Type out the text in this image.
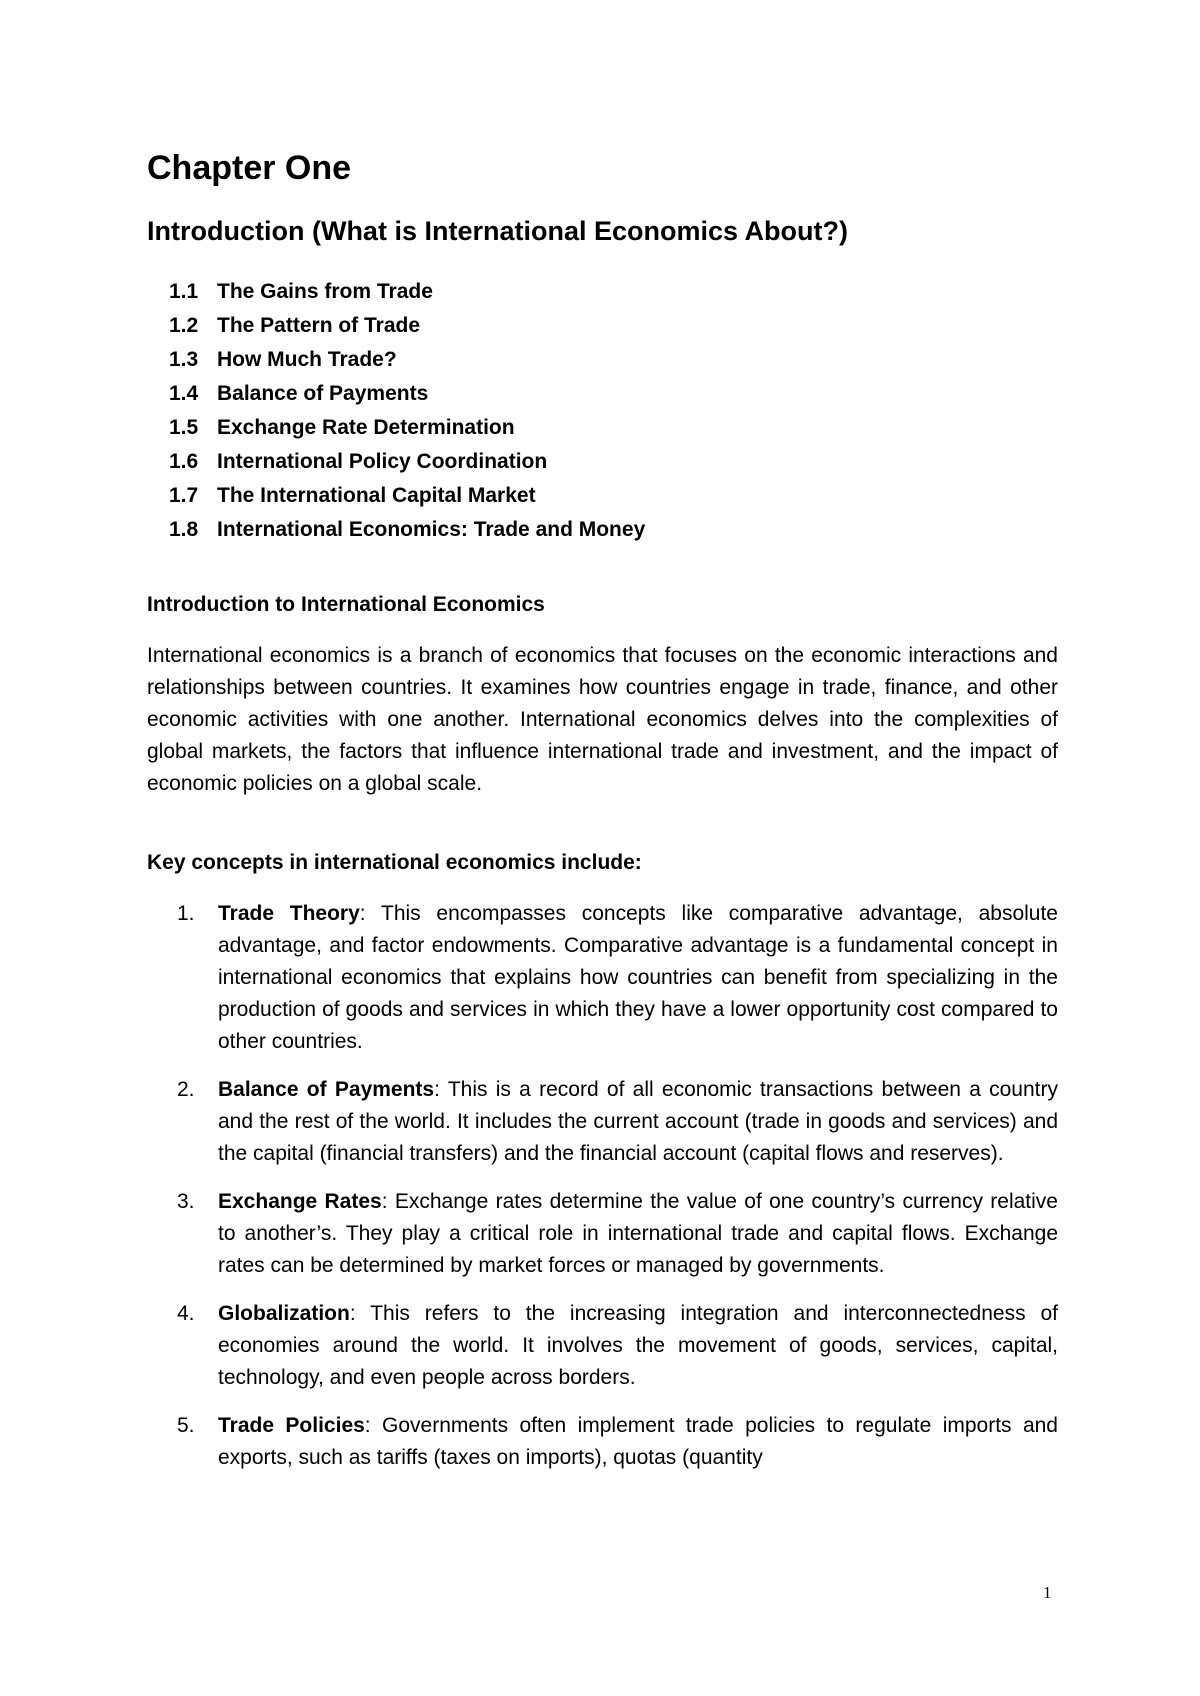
Chapter One
Introduction (What is International Economics About?)
1.1 The Gains from Trade
1.2 The Pattern of Trade
1.3 How Much Trade?
1.4 Balance of Payments
1.5 Exchange Rate Determination
1.6 International Policy Coordination
1.7 The International Capital Market
1.8 International Economics: Trade and Money
Introduction to International Economics

International economics is a branch of economics that focuses on the economic interactions and relationships between countries. It examines how countries engage in trade, finance, and other economic activities with one another. International economics delves into the complexities of global markets, the factors that influence international trade and investment, and the impact of economic policies on a global scale.

Key concepts in international economics include:
1. Trade Theory: This encompasses concepts like comparative advantage, absolute advantage, and factor endowments. Comparative advantage is a fundamental concept in international economics that explains how countries can benefit from specializing in the production of goods and services in which they have a lower opportunity cost compared to other countries.
2. Balance of Payments: This is a record of all economic transactions between a country and the rest of the world. It includes the current account (trade in goods and services) and the capital (financial transfers) and the financial account (capital flows and reserves).
3. Exchange Rates: Exchange rates determine the value of one country’s currency relative to another’s. They play a critical role in international trade and capital flows. Exchange rates can be determined by market forces or managed by governments.
4. Globalization: This refers to the increasing integration and interconnectedness of economies around the world. It involves the movement of goods, services, capital, technology, and even people across borders.
5. Trade Policies: Governments often implement trade policies to regulate imports and exports, such as tariffs (taxes on imports), quotas (quantity
1
